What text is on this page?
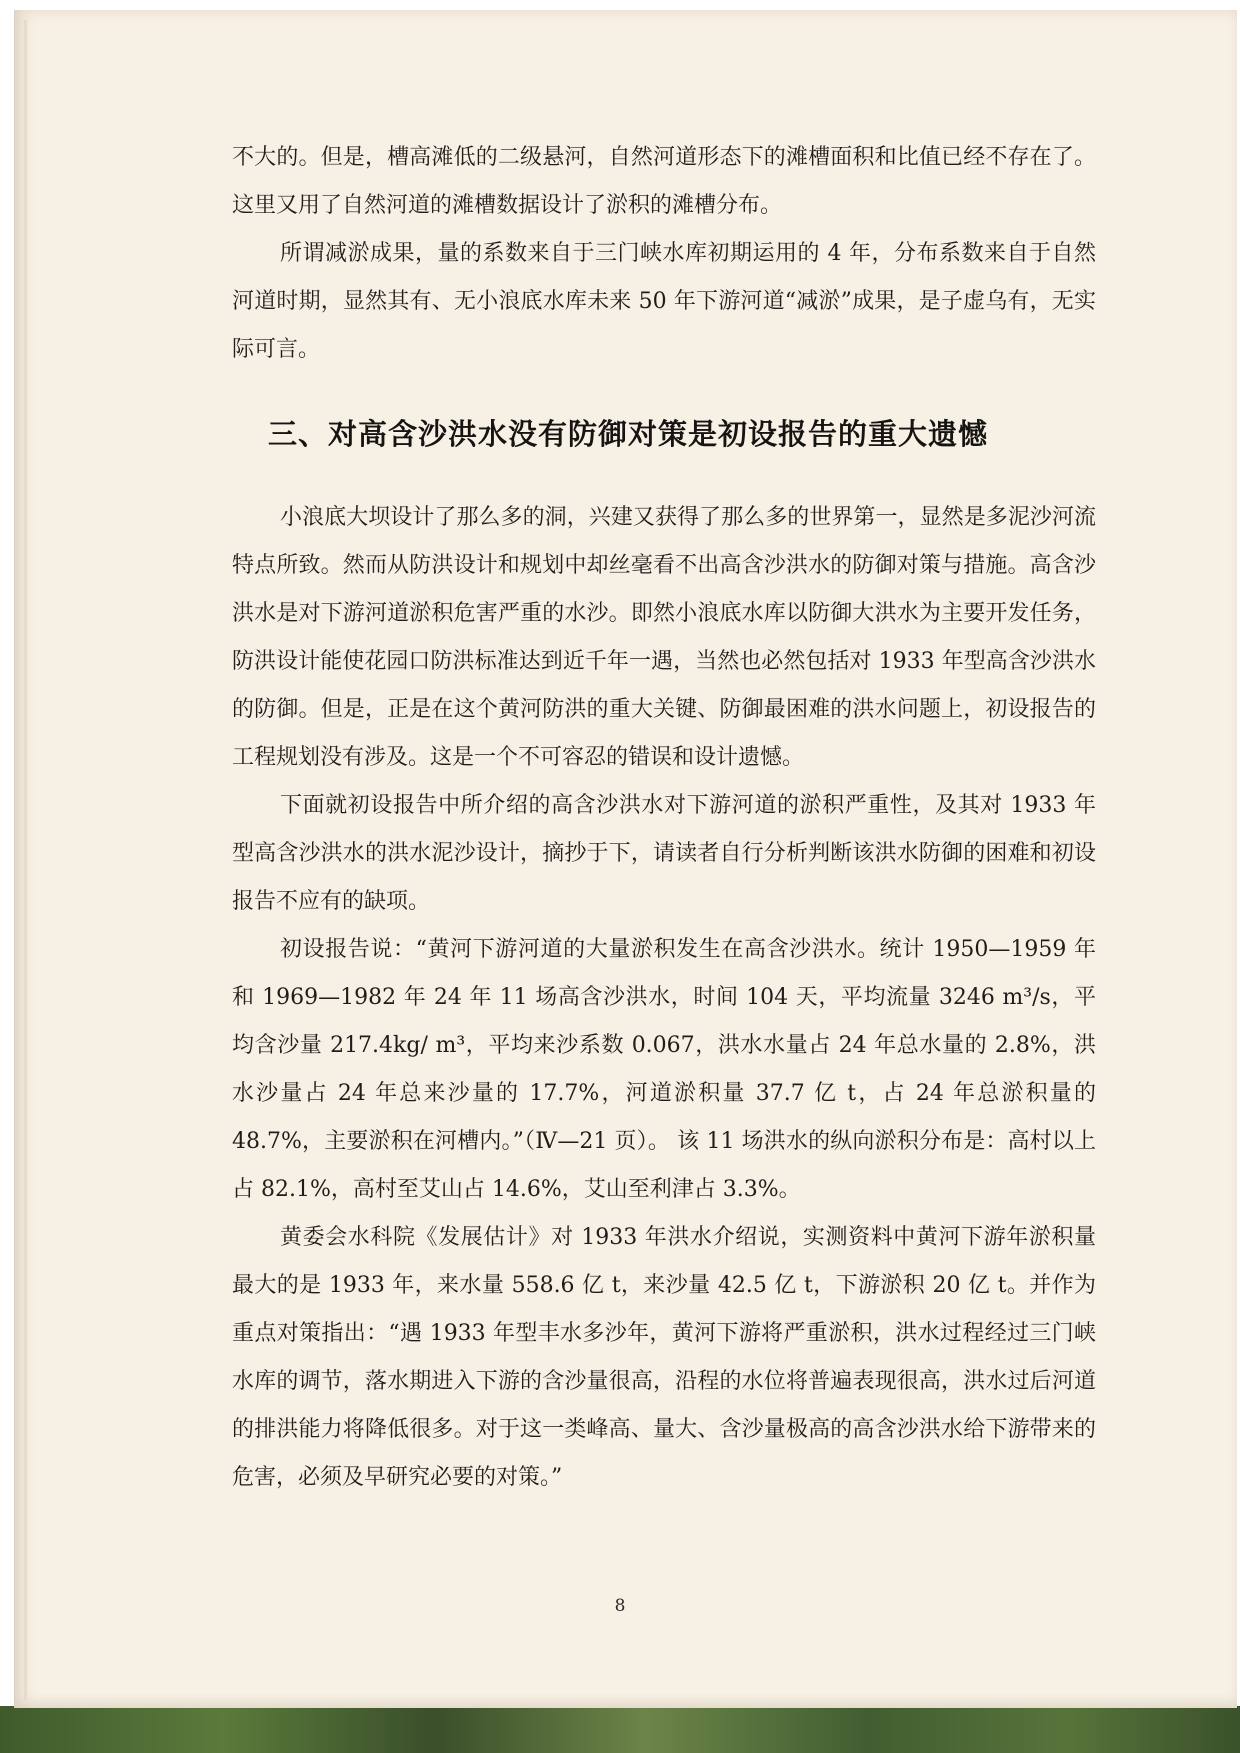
不大的。但是，槽高滩低的二级悬河，自然河道形态下的滩槽面积和比值已经不存在了。这里又用了自然河道的滩槽数据设计了淤积的滩槽分布。

所谓减淤成果，量的系数来自于三门峡水库初期运用的 4 年，分布系数来自于自然河道时期，显然其有、无小浪底水库未来 50 年下游河道“减淤”成果，是子虚乌有，无实际可言。

三、对高含沙洪水没有防御对策是初设报告的重大遗憾

小浪底大坝设计了那么多的洞，兴建又获得了那么多的世界第一，显然是多泥沙河流特点所致。然而从防洪设计和规划中却丝毫看不出高含沙洪水的防御对策与措施。高含沙洪水是对下游河道淤积危害严重的水沙。即然小浪底水库以防御大洪水为主要开发任务，防洪设计能使花园口防洪标准达到近千年一遇，当然也必然包括对 1933 年型高含沙洪水的防御。但是，正是在这个黄河防洪的重大关键、防御最困难的洪水问题上，初设报告的工程规划没有涉及。这是一个不可容忍的错误和设计遗憾。

下面就初设报告中所介绍的高含沙洪水对下游河道的淤积严重性，及其对 1933 年型高含沙洪水的洪水泥沙设计，摘抄于下，请读者自行分析判断该洪水防御的困难和初设报告不应有的缺项。

初设报告说：“黄河下游河道的大量淤积发生在高含沙洪水。统计 1950—1959 年和 1969—1982 年 24 年 11 场高含沙洪水，时间 104 天，平均流量 3246 m³/s，平均含沙量 217.4kg/ m³，平均来沙系数 0.067，洪水水量占 24 年总水量的 2.8%，洪水沙量占 24 年总来沙量的 17.7%，河道淤积量 37.7 亿 t，占 24 年总淤积量的 48.7%，主要淤积在河槽内。”（Ⅳ—21 页）。 该 11 场洪水的纵向淤积分布是：高村以上占 82.1%，高村至艾山占 14.6%，艾山至利津占 3.3%。

黄委会水科院《发展估计》对 1933 年洪水介绍说，实测资料中黄河下游年淤积量最大的是 1933 年，来水量 558.6 亿 t，来沙量 42.5 亿 t，下游淤积 20 亿 t。并作为重点对策指出：“遇 1933 年型丰水多沙年，黄河下游将严重淤积，洪水过程经过三门峡水库的调节，落水期进入下游的含沙量很高，沿程的水位将普遍表现很高，洪水过后河道的排洪能力将降低很多。对于这一类峰高、量大、含沙量极高的高含沙洪水给下游带来的危害，必须及早研究必要的对策。”

8
